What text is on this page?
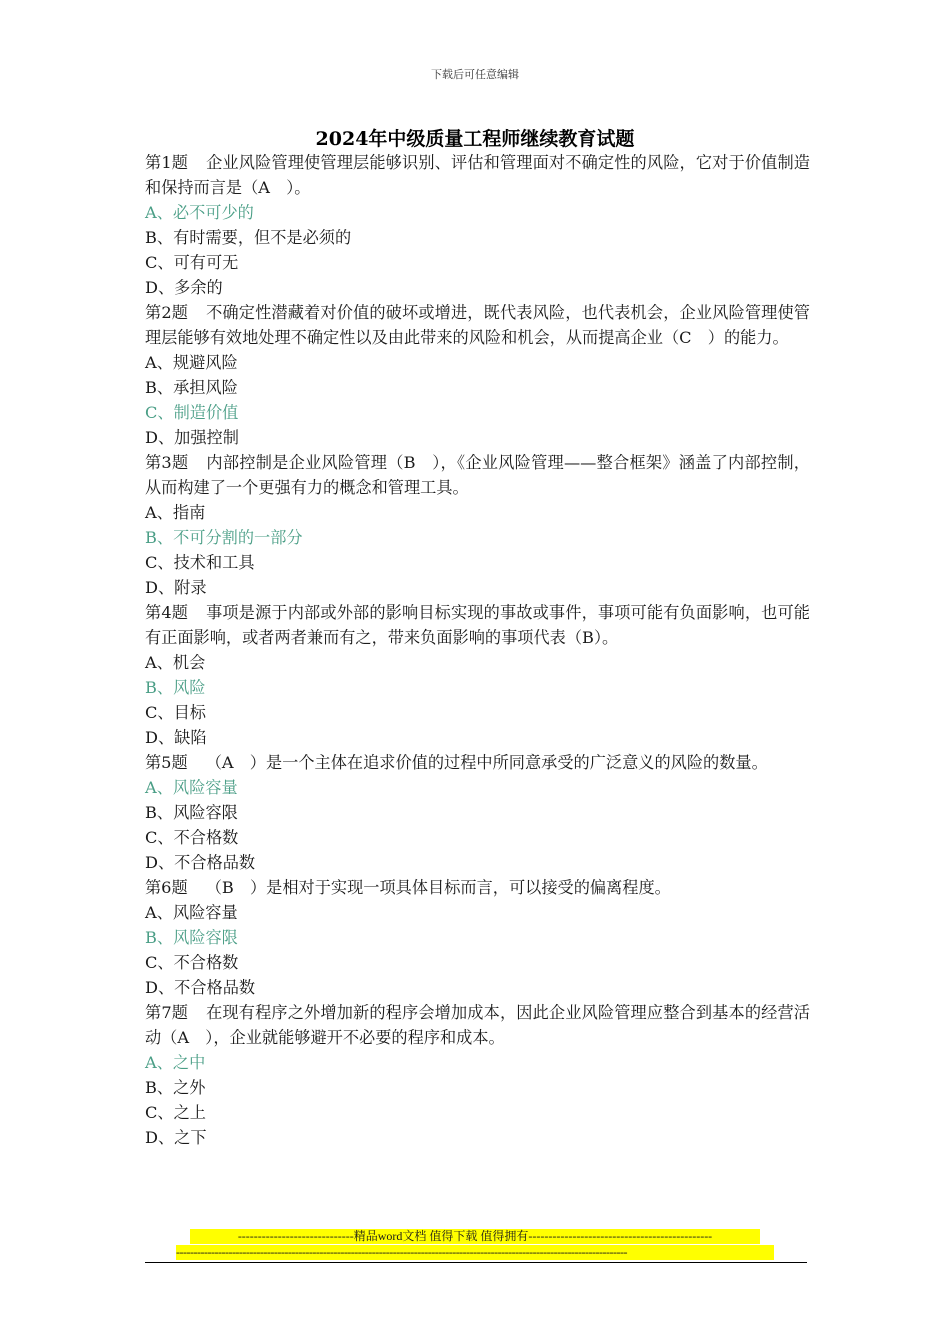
下载后可任意编辑
2024年中级质量工程师继续教育试题

第1题 企业风险管理使管理层能够识别、评估和管理面对不确定性的风险，它对于价值制造和保持而言是（A　）。

A、必不可少的

B、有时需要，但不是必须的

C、可有可无

D、多余的

第2题 不确定性潜藏着对价值的破坏或增进，既代表风险，也代表机会，企业风险管理使管理层能够有效地处理不确定性以及由此带来的风险和机会，从而提高企业（C　）的能力。

A、规避风险

B、承担风险

C、制造价值

D、加强控制

第3题 内部控制是企业风险管理（B　），《企业风险管理——整合框架》涵盖了内部控制，从而构建了一个更强有力的概念和管理工具。

A、指南

B、不可分割的一部分

C、技术和工具

D、附录

第4题 事项是源于内部或外部的影响目标实现的事故或事件，事项可能有负面影响，也可能有正面影响，或者两者兼而有之，带来负面影响的事项代表（B）。

A、机会

B、风险

C、目标

D、缺陷

第5题 （A　）是一个主体在追求价值的过程中所同意承受的广泛意义的风险的数量。

A、风险容量

B、风险容限

C、不合格数

D、不合格品数

第6题 （B　）是相对于实现一项具体目标而言，可以接受的偏离程度。

A、风险容量

B、风险容限

C、不合格数

D、不合格品数

第7题 在现有程序之外增加新的程序会增加成本，因此企业风险管理应整合到基本的经营活动（A　），企业就能够避开不必要的程序和成本。

A、之中

B、之外

C、之上

D、之下

-----------------------------精品word文档 值得下载 值得拥有----------------------------------------------
---------------------------------------------------------------------------------------------------------------------------------
